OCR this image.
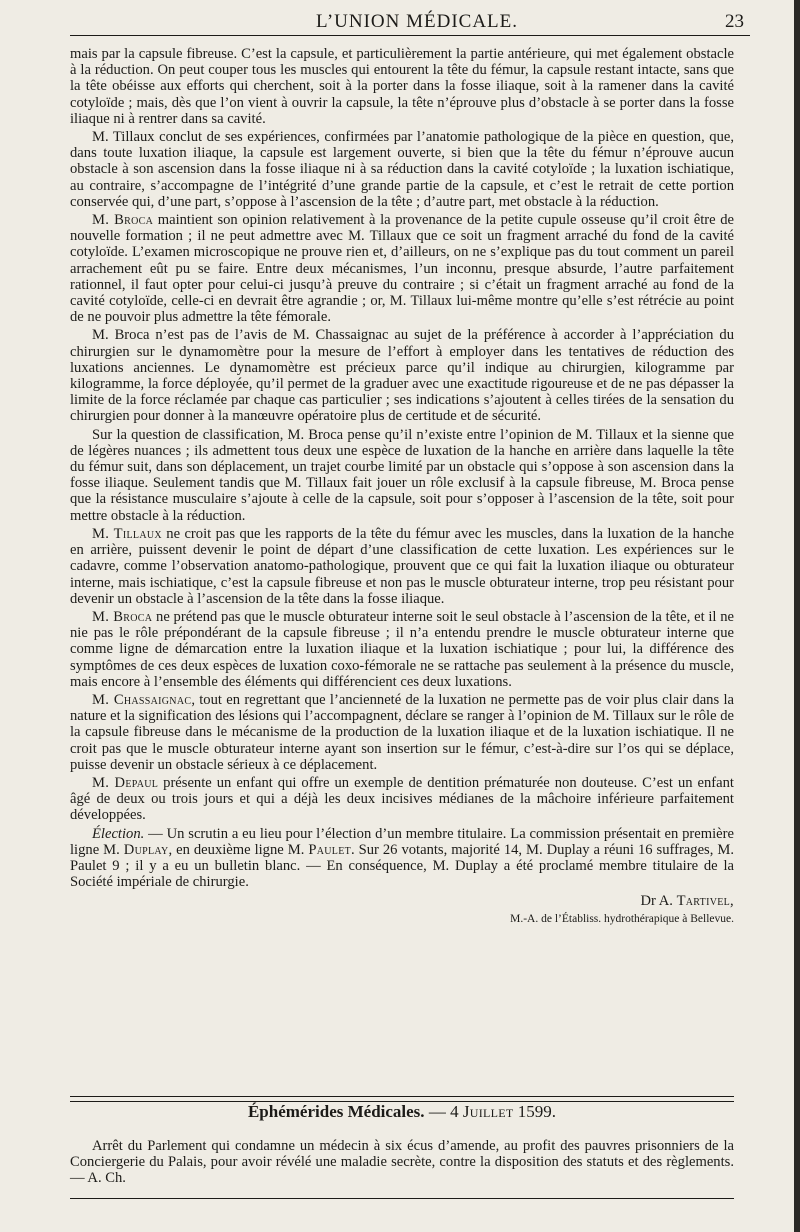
L’UNION MÉDICALE.	23

mais par la capsule fibreuse. C’est la capsule, et particulièrement la partie antérieure, qui met également obstacle à la réduction. On peut couper tous les muscles qui entourent la tête du fémur, la capsule restant intacte, sans que la tête obéisse aux efforts qui cherchent, soit à la porter dans la fosse iliaque, soit à la ramener dans la cavité cotyloïde ; mais, dès que l’on vient à ouvrir la capsule, la tête n’éprouve plus d’obstacle à se porter dans la fosse iliaque ni à rentrer dans sa cavité.

M. Tillaux conclut de ses expériences, confirmées par l’anatomie pathologique de la pièce en question, que, dans toute luxation iliaque, la capsule est largement ouverte, si bien que la tête du fémur n’éprouve aucun obstacle à son ascension dans la fosse iliaque ni à sa réduction dans la cavité cotyloïde ; la luxation ischiatique, au contraire, s’accompagne de l’intégrité d’une grande partie de la capsule, et c’est le retrait de cette portion conservée qui, d’une part, s’oppose à l’ascension de la tête ; d’autre part, met obstacle à la réduction.

M. Broca maintient son opinion relativement à la provenance de la petite cupule osseuse qu’il croit être de nouvelle formation ; il ne peut admettre avec M. Tillaux que ce soit un fragment arraché du fond de la cavité cotyloïde. L’examen microscopique ne prouve rien et, d’ailleurs, on ne s’explique pas du tout comment un pareil arrachement eût pu se faire. Entre deux mécanismes, l’un inconnu, presque absurde, l’autre parfaitement rationnel, il faut opter pour celui-ci jusqu’à preuve du contraire ; si c’était un fragment arraché au fond de la cavité cotyloïde, celle-ci en devrait être agrandie ; or, M. Tillaux lui-même montre qu’elle s’est rétrécie au point de ne pouvoir plus admettre la tête fémorale.

M. Broca n’est pas de l’avis de M. Chassaignac au sujet de la préférence à accorder à l’appréciation du chirurgien sur le dynamomètre pour la mesure de l’effort à employer dans les tentatives de réduction des luxations anciennes. Le dynamomètre est précieux parce qu’il indique au chirurgien, kilogramme par kilogramme, la force déployée, qu’il permet de la graduer avec une exactitude rigoureuse et de ne pas dépasser la limite de la force réclamée par chaque cas particulier ; ses indications s’ajoutent à celles tirées de la sensation du chirurgien pour donner à la manœuvre opératoire plus de certitude et de sécurité.

Sur la question de classification, M. Broca pense qu’il n’existe entre l’opinion de M. Tillaux et la sienne que de légères nuances ; ils admettent tous deux une espèce de luxation de la hanche en arrière dans laquelle la tête du fémur suit, dans son déplacement, un trajet courbe limité par un obstacle qui s’oppose à son ascension dans la fosse iliaque. Seulement tandis que M. Tillaux fait jouer un rôle exclusif à la capsule fibreuse, M. Broca pense que la résistance musculaire s’ajoute à celle de la capsule, soit pour s’opposer à l’ascension de la tête, soit pour mettre obstacle à la réduction.

M. Tillaux ne croit pas que les rapports de la tête du fémur avec les muscles, dans la luxation de la hanche en arrière, puissent devenir le point de départ d’une classification de cette luxation. Les expériences sur le cadavre, comme l’observation anatomo-pathologique, prouvent que ce qui fait la luxation iliaque ou obturateur interne, mais ischiatique, c’est la capsule fibreuse et non pas le muscle obturateur interne, trop peu résistant pour devenir un obstacle à l’ascension de la tête dans la fosse iliaque.

M. Broca ne prétend pas que le muscle obturateur interne soit le seul obstacle à l’ascension de la tête, et il ne nie pas le rôle prépondérant de la capsule fibreuse ; il n’a entendu prendre le muscle obturateur interne que comme ligne de démarcation entre la luxation iliaque et la luxation ischiatique ; pour lui, la différence des symptômes de ces deux espèces de luxation coxo-fémorale ne se rattache pas seulement à la présence du muscle, mais encore à l’ensemble des éléments qui différencient ces deux luxations.

M. Chassaignac, tout en regrettant que l’ancienneté de la luxation ne permette pas de voir plus clair dans la nature et la signification des lésions qui l’accompagnent, déclare se ranger à l’opinion de M. Tillaux sur le rôle de la capsule fibreuse dans le mécanisme de la production de la luxation iliaque et de la luxation ischiatique. Il ne croit pas que le muscle obturateur interne ayant son insertion sur le fémur, c’est-à-dire sur l’os qui se déplace, puisse devenir un obstacle sérieux à ce déplacement.

M. Depaul présente un enfant qui offre un exemple de dentition prématurée non douteuse. C’est un enfant âgé de deux ou trois jours et qui a déjà les deux incisives médianes de la mâchoire inférieure parfaitement développées.

Élection. — Un scrutin a eu lieu pour l’élection d’un membre titulaire. La commission présentait en première ligne M. Duplay, en deuxième ligne M. Paulet. Sur 26 votants, majorité 14, M. Duplay a réuni 16 suffrages, M. Paulet 9 ; il y a eu un bulletin blanc. — En conséquence, M. Duplay a été proclamé membre titulaire de la Société impériale de chirurgie.

Dr A. Tartivel,
M.-A. de l’Établiss. hydrothérapique à Bellevue.
Éphémérides Médicales. — 4 Juillet 1599.

Arrêt du Parlement qui condamne un médecin à six écus d’amende, au profit des pauvres prisonniers de la Conciergerie du Palais, pour avoir révélé une maladie secrète, contre la disposition des statuts et des règlements. — A. Ch.
